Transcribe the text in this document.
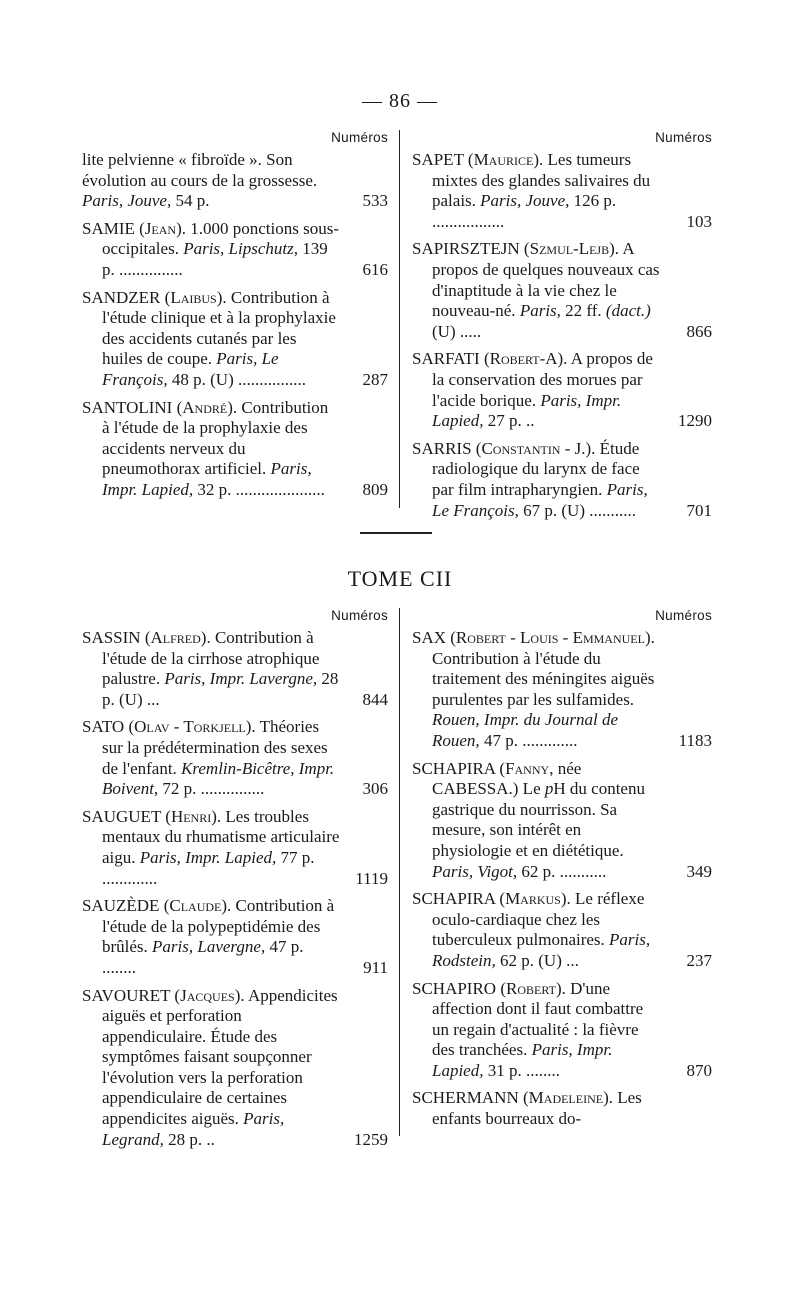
— 86 —
Numéros
lite pelvienne « fibroïde ». Son évolution au cours de la grossesse. Paris, Jouve, 54 p.	533
SAMIE (Jean). 1.000 ponctions sous-occipitales. Paris, Lipschutz, 139 p. ...............	616
SANDZER (Laibus). Contribution à l'étude clinique et à la prophylaxie des accidents cutanés par les huiles de coupe. Paris, Le François, 48 p. (U) ................	287
SANTOLINI (André). Contribution à l'étude de la prophylaxie des accidents nerveux du pneumothorax artificiel. Paris, Impr. Lapied, 32 p. ..................... 809
Numéros
SAPET (Maurice). Les tumeurs mixtes des glandes salivaires du palais. Paris, Jouve, 126 p. .................	103
SAPIRSZTEJN (Szmul-Lejb). A propos de quelques nouveaux cas d'inaptitude à la vie chez le nouveau-né. Paris, 22 ff. (dact.) (U) .....	866
SARFATI (Robert-A). A propos de la conservation des morues par l'acide borique. Paris, Impr. Lapied, 27 p. ..	1290
SARRIS (Constantin - J.). Étude radiologique du larynx de face par film intrapharyngien. Paris, Le François, 67 p. (U) ...........	701
TOME CII
Numéros
SASSIN (Alfred). Contribution à l'étude de la cirrhose atrophique palustre. Paris, Impr. Lavergne, 28 p. (U) ...	844
SATO (Olav - Torkjell). Théories sur la prédétermination des sexes de l'enfant. Kremlin-Bicêtre, Impr. Boivent, 72 p. ...............	306
SAUGUET (Henri). Les troubles mentaux du rhumatisme articulaire aigu. Paris, Impr. Lapied, 77 p. .............	1119
SAUZÈDE (Claude). Contribution à l'étude de la polypeptidémie des brûlés. Paris, Lavergne, 47 p. ........	911
SAVOURET (Jacques). Appendicites aiguës et perforation appendiculaire. Étude des symptômes faisant soupçonner l'évolution vers la perforation appendiculaire de certaines appendicites aiguës. Paris, Legrand, 28 p. ..	1259
Numéros
SAX (Robert - Louis - Emmanuel). Contribution à l'étude du traitement des méningites aiguës purulentes par les sulfamides. Rouen, Impr. du Journal de Rouen, 47 p. .............	1183
SCHAPIRA (Fanny, née CABESSA.) Le pH du contenu gastrique du nourrisson. Sa mesure, son intérêt en physiologie et en diététique. Paris, Vigot, 62 p. ...........	349
SCHAPIRA (Markus). Le réflexe oculo-cardiaque chez les tuberculeux pulmonaires. Paris, Rodstein, 62 p. (U) ...	237
SCHAPIRO (Robert). D'une affection dont il faut combattre un regain d'actualité : la fièvre des tranchées. Paris, Impr. Lapied, 31 p. ........	870
SCHERMANN (Madeleine). Les enfants bourreaux do-
